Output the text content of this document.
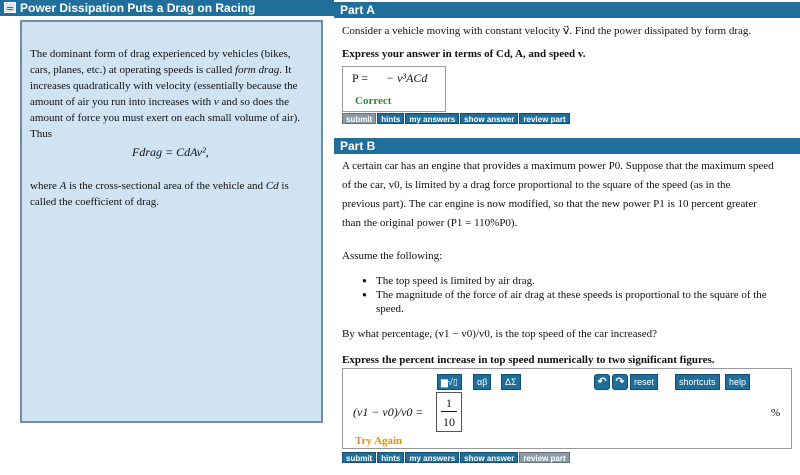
Power Dissipation Puts a Drag on Racing
The dominant form of drag experienced by vehicles (bikes, cars, planes, etc.) at operating speeds is called form drag. It increases quadratically with velocity (essentially because the amount of air you run into increases with v and so does the amount of force you must exert on each small volume of air). Thus
Fdrag = CdAv²,
where A is the cross-sectional area of the vehicle and Cd is called the coefficient of drag.
Part A
Consider a vehicle moving with constant velocity v⃗. Find the power dissipated by form drag.
Express your answer in terms of Cd, A, and speed v.
P = − v³ACd
Correct
submit	hints	my answers	show answer	review part
Part B
A certain car has an engine that provides a maximum power P0. Suppose that the maximum speed
of the car, v0, is limited by a drag force proportional to the square of the speed (as in the
previous part). The car engine is now modified, so that the new power P1 is 10 percent greater
than the original power (P1 = 110%P0).
Assume the following:
● The top speed is limited by air drag.
● The magnitude of the force of air drag at these speeds is proportional to the square of the speed.
By what percentage, (v1 − v0)/v0, is the top speed of the car increased?
Express the percent increase in top speed numerically to two significant figures.
▆√▯	αβ	ΔΣ	↶ ↷	reset	shortcuts	help
(v1 − v0)/v0 =
1
10
%
Try Again
submit	hints	my answers	show answer	review part
